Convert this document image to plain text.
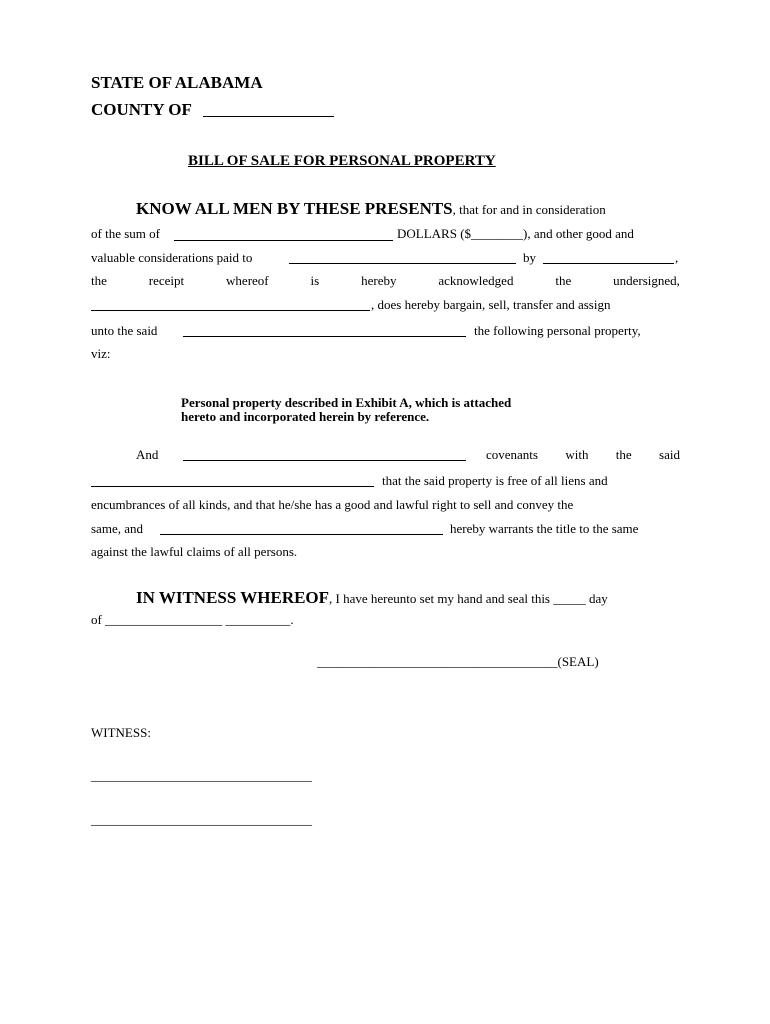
STATE OF ALABAMA
COUNTY OF
BILL OF SALE FOR PERSONAL PROPERTY
KNOW ALL MEN BY THESE PRESENTS, that for and in consideration
of the sum of	DOLLARS ($________), and other good and
valuable considerations paid to	by	,
the	receipt	whereof	is	hereby	acknowledged	the	undersigned,
, does hereby bargain, sell, transfer and assign
unto the said	the following personal property,
viz:
Personal property described in Exhibit A, which is attached
hereto and incorporated herein by reference.
And	covenants with the said
that the said property is free of all liens and
encumbrances of all kinds, and that he/she has a good and lawful right to sell and convey the
same, and	hereby warrants the title to the same
against the lawful claims of all persons.
IN WITNESS WHEREOF, I have hereunto set my hand and seal this _____ day
of __________________ __________.
_____________________________________(SEAL)
WITNESS:
__________________________________
__________________________________
